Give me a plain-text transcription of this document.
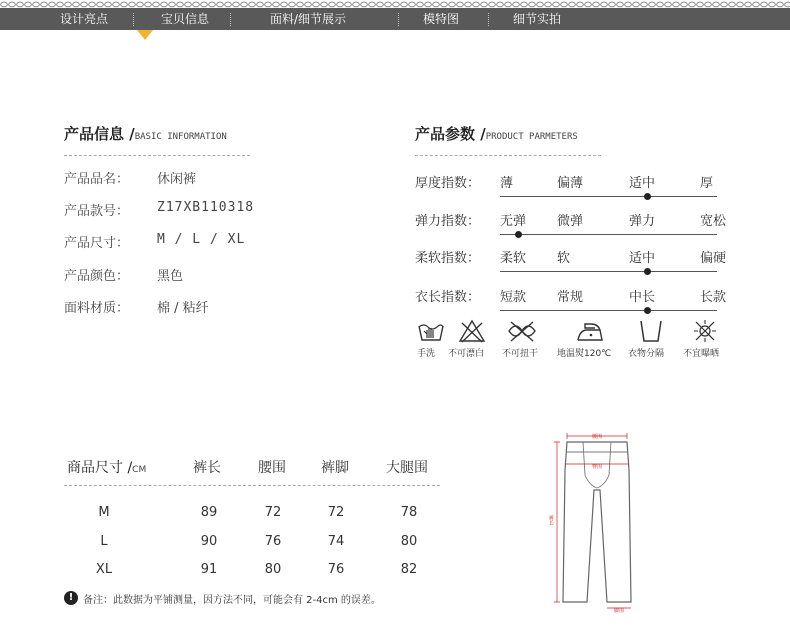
设计亮点	宝贝信息	面料/细节展示	模特图	细节实拍
产品信息 /BASIC INFORMATION
产品品名： 休闲裤
产品款号： Z17XB110318
产品尺寸： M / L / XL
产品颜色： 黑色
面料材质： 棉 / 粘纤
产品参数 /PRODUCT PARMETERS
厚度指数： 薄	偏薄	适中	厚
弹力指数： 无弹 微弹	弹力	宽松
柔软指数： 柔软 软	适中	偏硬
衣长指数： 短款 常规	中长	长款
手洗 不可漂白 不可扭干 地温熨120℃ 衣物分隔 不宜曝晒
商品尺寸 /CM	裤长	腰围	裤脚	大腿围
M	89	72	72	78
L	90	76	74	80
XL	91	80	76	82
! 备注：此数据为平铺测量，因方法不同，可能会有 2-4cm 的误差。
腰围
臀围
裤长
脚围
